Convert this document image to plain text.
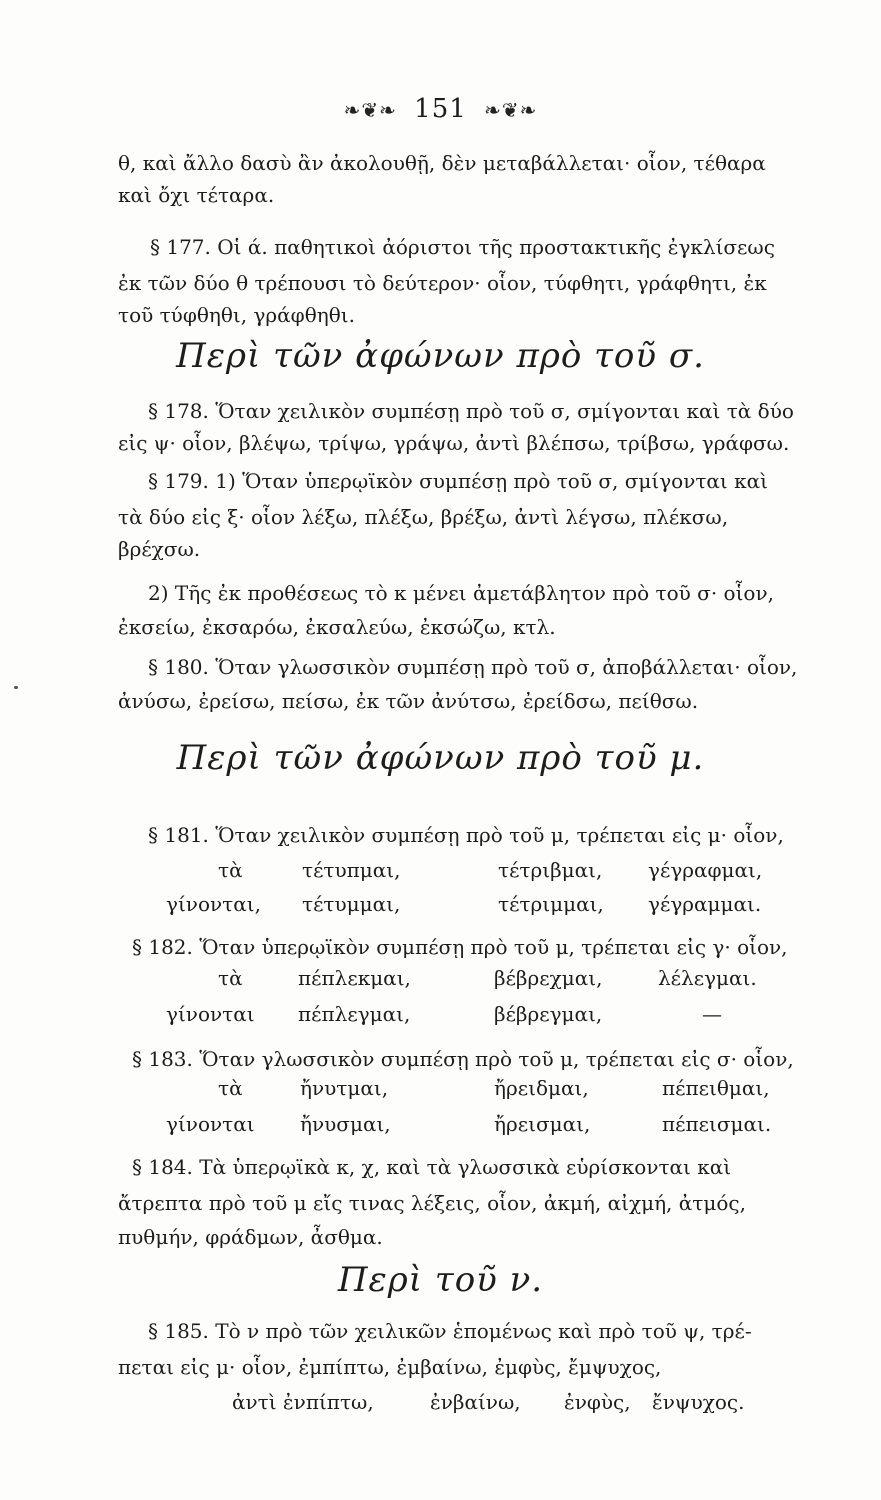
❧❦❧ 151 ❧❦❧
θ, καὶ ἄλλο δασὺ ἂν ἀκολουθῇ, δὲν μεταβάλλεται· οἷον, τέθαρα
καὶ ὄχι τέταρα.
§ 177. Οἱ ά. παθητικοὶ ἀόριστοι τῆς προστακτικῆς ἐγκλίσεως
ἐκ τῶν δύο θ τρέπουσι τὸ δεύτερον· οἷον, τύφθητι, γράφθητι, ἐκ
τοῦ τύφθηθι, γράφθηθι.
Περὶ τῶν ἀφώνων πρὸ τοῦ σ.
§ 178. Ὅταν χειλικὸν συμπέσῃ πρὸ τοῦ σ, σμίγονται καὶ τὰ δύο
εἰς ψ· οἷον, βλέψω, τρίψω, γράψω, ἀντὶ βλέπσω, τρίβσω, γράφσω.
§ 179. 1) Ὅταν ὑπερῳϊκὸν συμπέσῃ πρὸ τοῦ σ, σμίγονται καὶ
τὰ δύο εἰς ξ· οἷον λέξω, πλέξω, βρέξω, ἀντὶ λέγσω, πλέκσω,
βρέχσω.
2) Τῆς ἐκ προθέσεως τὸ κ μένει ἀμετάβλητον πρὸ τοῦ σ· οἷον,
ἐκσείω, ἐκσαρόω, ἐκσαλεύω, ἐκσώζω, κτλ.
§ 180. Ὅταν γλωσσικὸν συμπέσῃ πρὸ τοῦ σ, ἀποβάλλεται· οἷον,
ἀνύσω, ἐρείσω, πείσω, ἐκ τῶν ἀνύτσω, ἐρείδσω, πείθσω.
Περὶ τῶν ἀφώνων πρὸ τοῦ μ.
§ 181. Ὅταν χειλικὸν συμπέσῃ πρὸ τοῦ μ, τρέπεται εἰς μ· οἷον,
τὰ	τέτυπμαι,	τέτριβμαι, γέγραφμαι,
γίνονται, τέτυμμαι,	τέτριμμαι, γέγραμμαι.
§ 182. Ὅταν ὑπερῳϊκὸν συμπέσῃ πρὸ τοῦ μ, τρέπεται εἰς γ· οἷον,
τὰ	πέπλεκμαι,	βέβρεχμαι,	λέλεγμαι.
γίνονται πέπλεγμαι,	βέβρεγμαι,	—
§ 183. Ὅταν γλωσσικὸν συμπέσῃ πρὸ τοῦ μ, τρέπεται εἰς σ· οἷον,
τὰ	ἤνυτμαι,	ἤρειδμαι,	πέπειθμαι,
γίνονται ἤνυσμαι,	ἤρεισμαι,	πέπεισμαι.
§ 184. Τὰ ὑπερῳϊκὰ κ, χ, καὶ τὰ γλωσσικὰ εὑρίσκονται καὶ
ἄτρεπτα πρὸ τοῦ μ εἴς τινας λέξεις, οἷον, ἀκμή, αἰχμή, ἀτμός,
πυθμήν, φράδμων, ἆσθμα.
Περὶ τοῦ ν.
§ 185. Τὸ ν πρὸ τῶν χειλικῶν ἑπομένως καὶ πρὸ τοῦ ψ, τρέ-
πεται εἰς μ· οἷον, ἐμπίπτω, ἐμβαίνω, ἐμφὺς, ἔμψυχος,
ἀντὶ ἐνπίπτω,	ἐνβαίνω, ἐνφὺς, ἔνψυχος.
